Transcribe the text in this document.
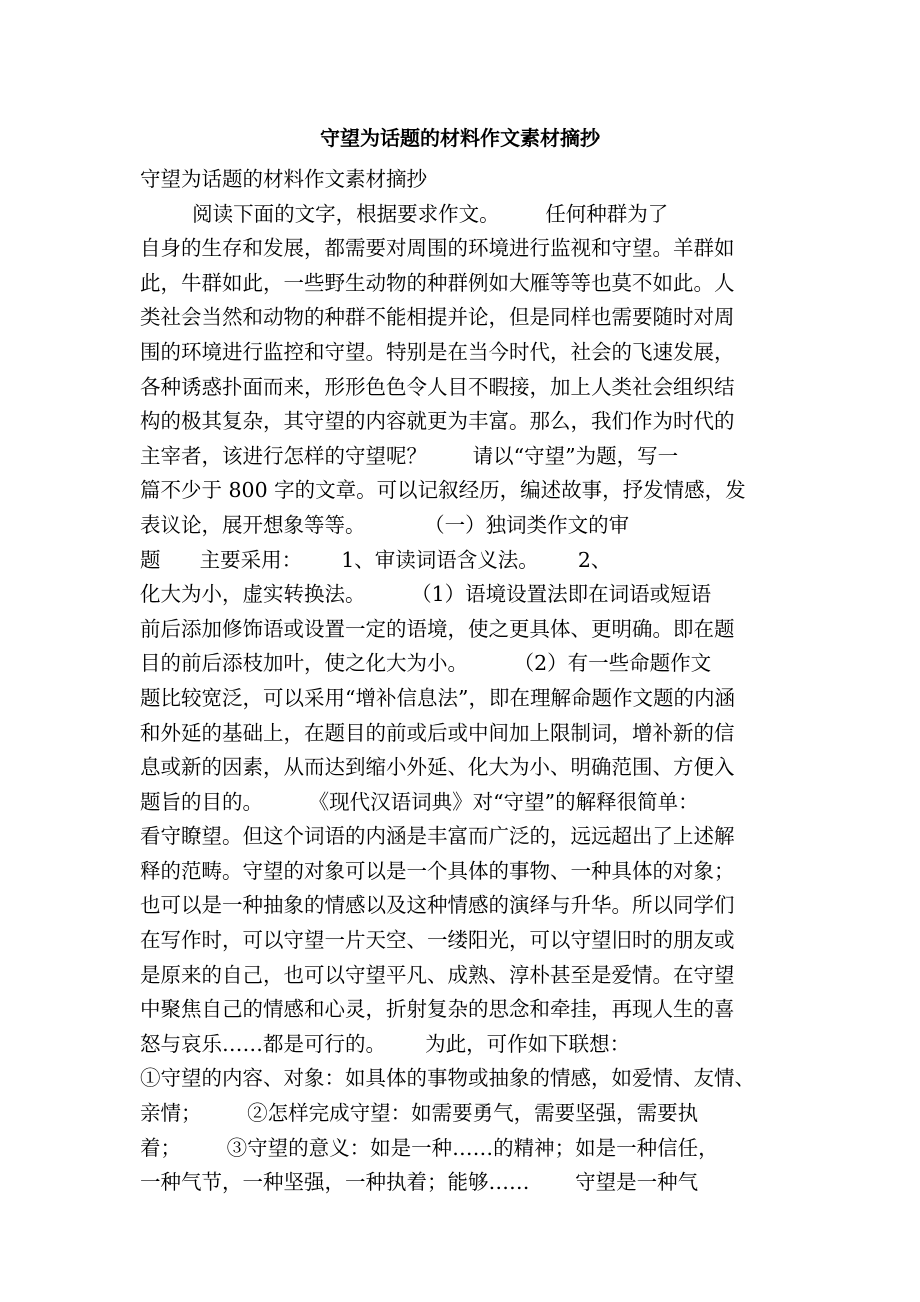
守望为话题的材料作文素材摘抄
守望为话题的材料作文素材摘抄
阅读下面的文字，根据要求作文。       任何种群为了
自身的生存和发展，都需要对周围的环境进行监视和守望。羊群如
此，牛群如此，一些野生动物的种群例如大雁等等也莫不如此。人
类社会当然和动物的种群不能相提并论，但是同样也需要随时对周
围的环境进行监控和守望。特别是在当今时代，社会的飞速发展，
各种诱惑扑面而来，形形色色令人目不暇接，加上人类社会组织结
构的极其复杂，其守望的内容就更为丰富。那么，我们作为时代的
主宰者，该进行怎样的守望呢？       请以“守望”为题，写一
篇不少于 800 字的文章。可以记叙经历，编述故事，抒发情感，发
表议论，展开想象等等。         （一）独词类作文的审
题      主要采用：      1、审读词语含义法。      2、
化大为小，虚实转换法。       （1）语境设置法即在词语或短语
前后添加修饰语或设置一定的语境，使之更具体、更明确。即在题
目的前后添枝加叶，使之化大为小。       （2）有一些命题作文
题比较宽泛，可以采用“增补信息法”，即在理解命题作文题的内涵
和外延的基础上，在题目的前或后或中间加上限制词，增补新的信
息或新的因素，从而达到缩小外延、化大为小、明确范围、方便入
题旨的目的。       《现代汉语词典》对“守望”的解释很简单：
看守瞭望。但这个词语的内涵是丰富而广泛的，远远超出了上述解
释的范畴。守望的对象可以是一个具体的事物、一种具体的对象；
也可以是一种抽象的情感以及这种情感的演绎与升华。所以同学们
在写作时，可以守望一片天空、一缕阳光，可以守望旧时的朋友或
是原来的自己，也可以守望平凡、成熟、淳朴甚至是爱情。在守望
中聚焦自己的情感和心灵，折射复杂的思念和牵挂，再现人生的喜
怒与哀乐……都是可行的。      为此，可作如下联想：
①守望的内容、对象：如具体的事物或抽象的情感，如爱情、友情、
亲情；       ②怎样完成守望：如需要勇气，需要坚强，需要执
着；       ③守望的意义：如是一种……的精神；如是一种信任，
一种气节，一种坚强，一种执着；能够……       守望是一种气
